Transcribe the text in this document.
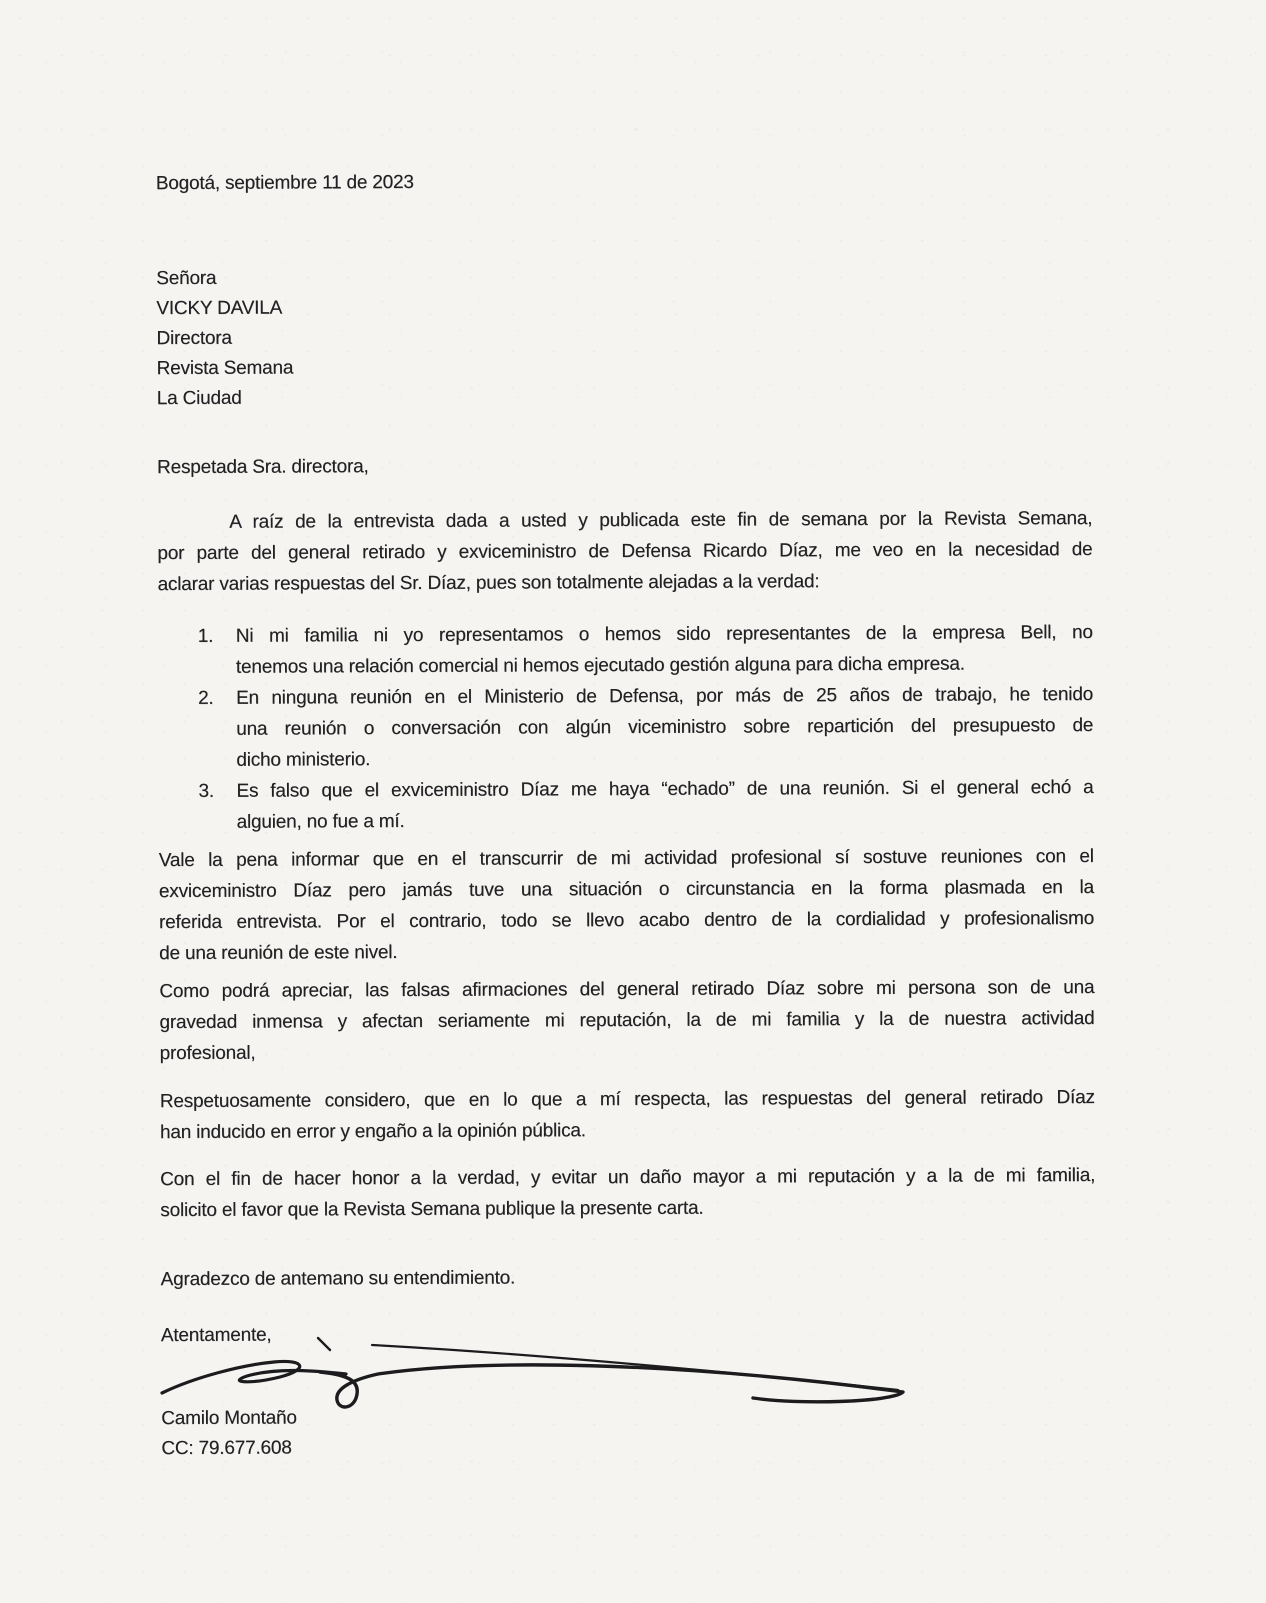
Bogotá, septiembre 11 de 2023
Señora
VICKY DAVILA
Directora
Revista Semana
La Ciudad
Respetada Sra. directora,
A raíz de la entrevista dada a usted y publicada este fin de semana por la Revista Semana,
por parte del general retirado y exviceministro de Defensa Ricardo Díaz, me veo en la necesidad de
aclarar varias respuestas del Sr. Díaz, pues son totalmente alejadas a la verdad:
1.	Ni mi familia ni yo representamos o hemos sido representantes de la empresa Bell, no
tenemos una relación comercial ni hemos ejecutado gestión alguna para dicha empresa.
2.	En ninguna reunión en el Ministerio de Defensa, por más de 25 años de trabajo, he tenido
una reunión o conversación con algún viceministro sobre repartición del presupuesto de
dicho ministerio.
3.	Es falso que el exviceministro Díaz me haya “echado” de una reunión. Si el general echó a
alguien, no fue a mí.
Vale la pena informar que en el transcurrir de mi actividad profesional sí sostuve reuniones con el
exviceministro Díaz pero jamás tuve una situación o circunstancia en la forma plasmada en la
referida entrevista. Por el contrario, todo se llevo acabo dentro de la cordialidad y profesionalismo
de una reunión de este nivel.
Como podrá apreciar, las falsas afirmaciones del general retirado Díaz sobre mi persona son de una
gravedad inmensa y afectan seriamente mi reputación, la de mi familia y la de nuestra actividad
profesional,
Respetuosamente considero, que en lo que a mí respecta, las respuestas del general retirado Díaz
han inducido en error y engaño a la opinión pública.
Con el fin de hacer honor a la verdad, y evitar un daño mayor a mi reputación y a la de mi familia,
solicito el favor que la Revista Semana publique la presente carta.
Agradezco de antemano su entendimiento.
Atentamente,
Camilo Montaño
CC: 79.677.608
